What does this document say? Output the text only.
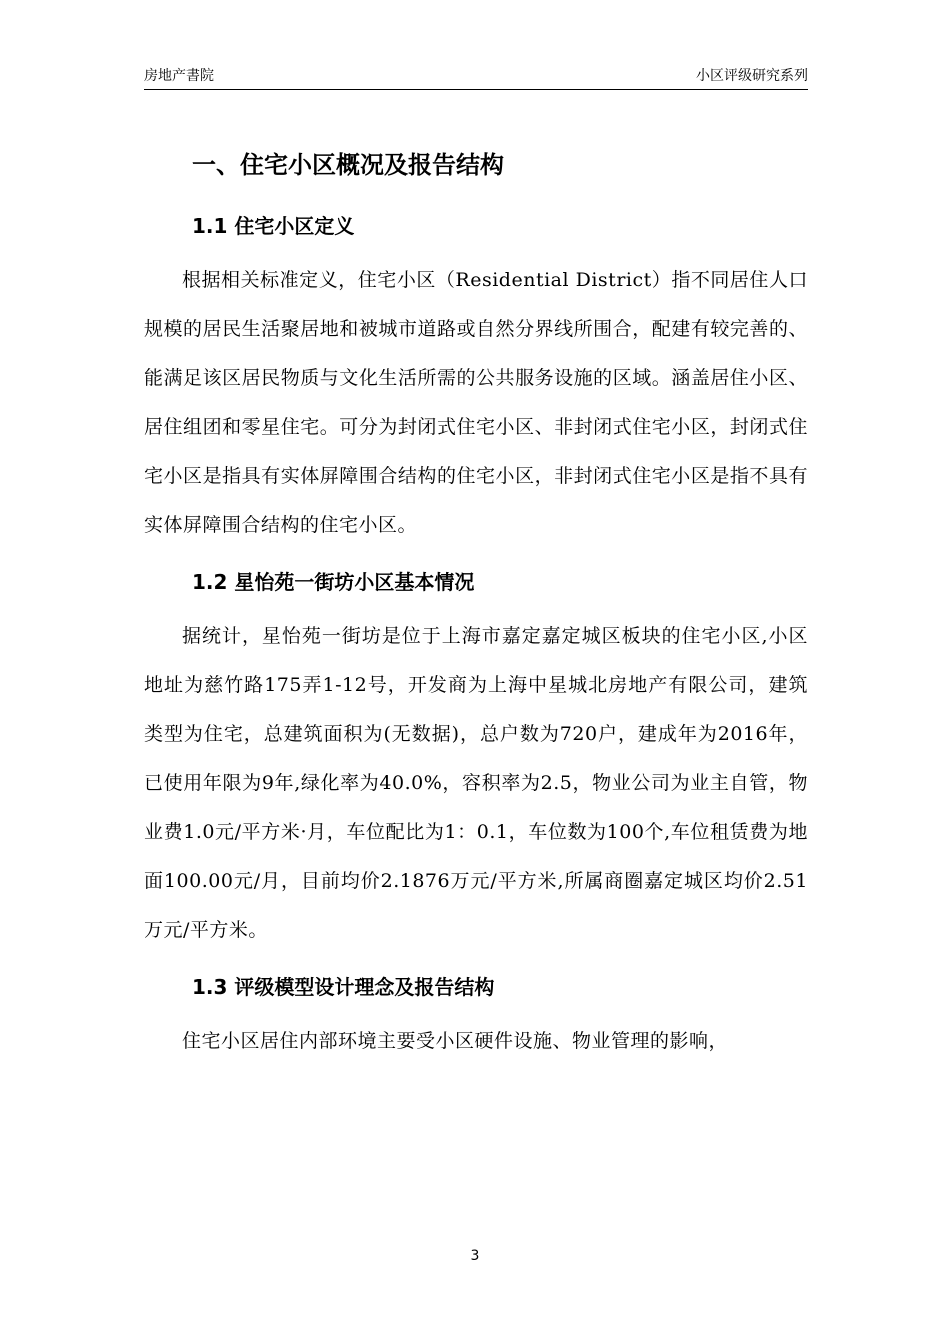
房地产書院	小区评级研究系列
一、住宅小区概况及报告结构
1.1 住宅小区定义

根据相关标准定义，住宅小区（Residential District）指不同居住人口规模的居民生活聚居地和被城市道路或自然分界线所围合，配建有较完善的、能满足该区居民物质与文化生活所需的公共服务设施的区域。涵盖居住小区、居住组团和零星住宅。可分为封闭式住宅小区、非封闭式住宅小区，封闭式住宅小区是指具有实体屏障围合结构的住宅小区，非封闭式住宅小区是指不具有实体屏障围合结构的住宅小区。

1.2 星怡苑一街坊小区基本情况

据统计，星怡苑一街坊是位于上海市嘉定嘉定城区板块的住宅小区,小区地址为慈竹路175弄1-12号，开发商为上海中星城北房地产有限公司，建筑类型为住宅，总建筑面积为(无数据)，总户数为720户，建成年为2016年，已使用年限为9年,绿化率为40.0%，容积率为2.5，物业公司为业主自管，物业费1.0元/平方米·月，车位配比为1：0.1，车位数为100个,车位租赁费为地面100.00元/月，目前均价2.1876万元/平方米,所属商圈嘉定城区均价2.51万元/平方米。

1.3 评级模型设计理念及报告结构

住宅小区居住内部环境主要受小区硬件设施、物业管理的影响，

3
